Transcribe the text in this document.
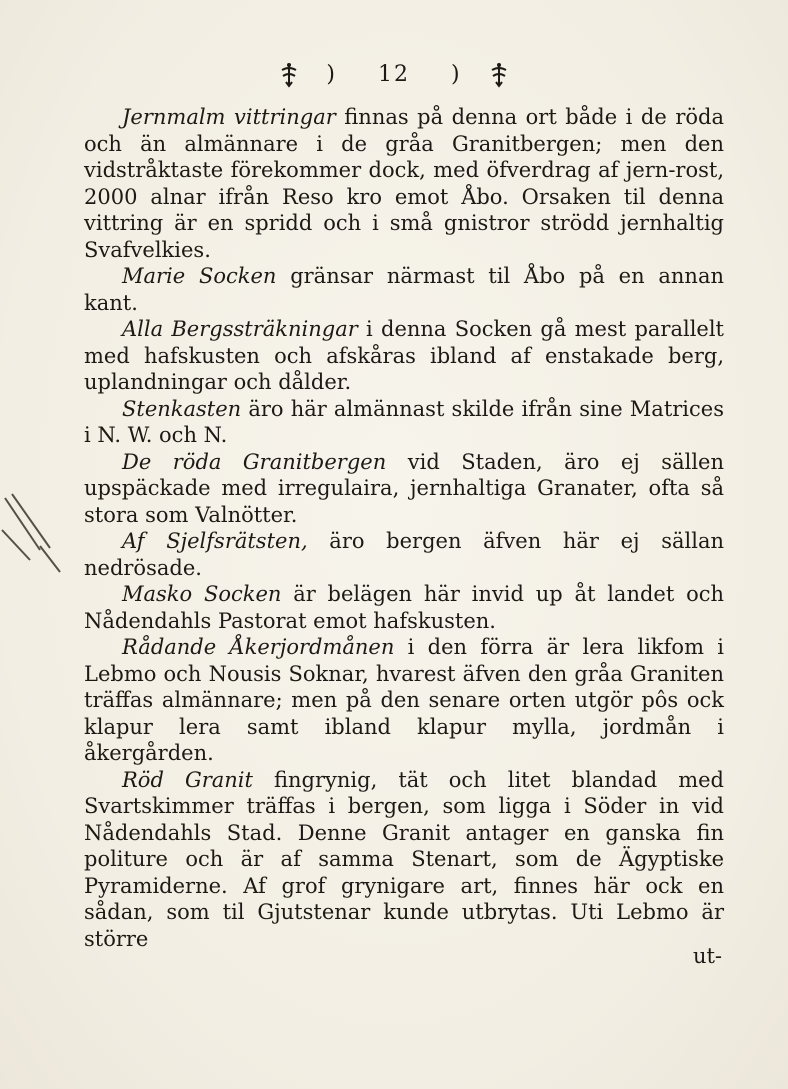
) 12 )

Jernmalm vittringar finnas på denna ort både i de röda och än almännare i de gråa Granitbergen; men den vidstråktaste förekommer dock, med öfverdrag af jern-rost, 2000 alnar ifrån Reso kro emot Åbo. Orsaken til denna vittring är en spridd och i små gnistror strödd jernhaltig Svafvelkies.

Marie Socken gränsar närmast til Åbo på en annan kant.

Alla Bergssträkningar i denna Socken gå mest parallelt med hafskusten och afskåras ibland af enstakade berg, uplandningar och dålder.

Stenkasten äro här almännast skilde ifrån sine Matrices i N. W. och N.

De röda Granitbergen vid Staden, äro ej sällen upspäckade med irregulaira, jernhaltiga Granater, ofta så stora som Valnötter.

Af Sjelfsrätsten, äro bergen äfven här ej sällan nedrösade.

Masko Socken är belägen här invid up åt landet och Nådendahls Pastorat emot hafskusten.

Rådande Åkerjordmånen i den förra är lera likfom i Lebmo och Nousis Soknar, hvarest äfven den gråa Graniten träffas almännare; men på den senare orten utgör pôs ock klapur lera samt ibland klapur mylla, jordmån i åkergården.

Röd Granit fingrynig, tät och litet blandad med Svartskimmer träffas i bergen, som ligga i Söder in vid Nådendahls Stad. Denne Granit antager en ganska fin politure och är af samma Stenart, som de Ägyptiske Pyramiderne. Af grof grynigare art, finnes här ock en sådan, som til Gjutstenar kunde utbrytas. Uti Lebmo är större

ut-
